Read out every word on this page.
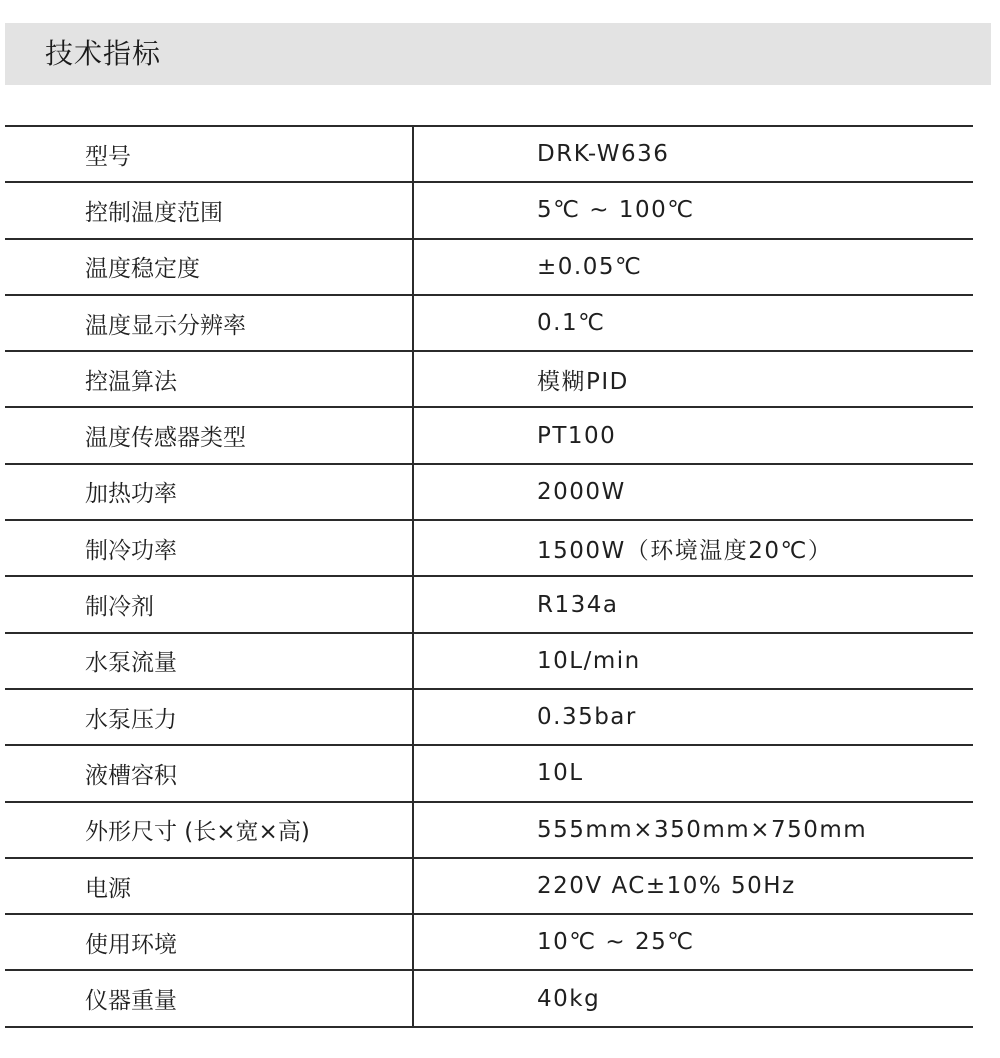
技术指标
型号	DRK-W636
控制温度范围	5℃ ~ 100℃
温度稳定度	±0.05℃
温度显示分辨率	0.1℃
控温算法	模糊PID
温度传感器类型	PT100
加热功率	2000W
制冷功率	1500W（环境温度20℃）
制冷剂	R134a
水泵流量	10L/min
水泵压力	0.35bar
液槽容积	10L
外形尺寸 (长×宽×高)	555mm×350mm×750mm
电源	220V AC±10% 50Hz
使用环境	10℃ ~ 25℃
仪器重量	40kg
